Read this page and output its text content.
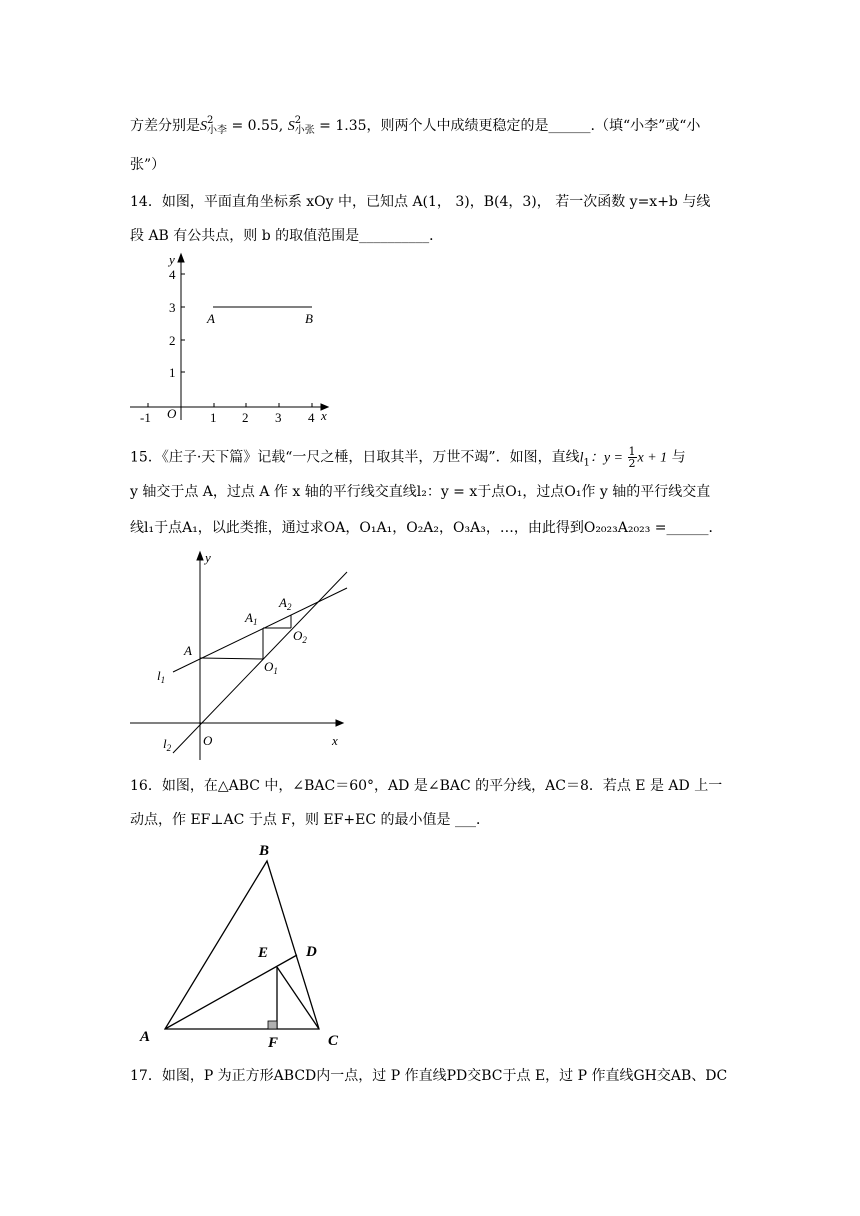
方差分别是S 2
小李 = 0.55, S 2
小张 = 1.35，则两个人中成绩更稳定的是______.（填“小李”或“小
张”）
14．如图，平面直角坐标系 xOy 中，已知点 A(1， 3)，B(4，3)， 若一次函数 y=x+b 与线
段 AB 有公共点，则 b 的取值范围是__________．
y
x
O
-1	1 2 3 4
1
2
3
4
A	B
15．《庄子·天下篇》记载“一尺之棰，日取其半，万世不竭”．如图，直线$l_1$：$y = \frac{1}{2}$ x + 1 与
y 轴交于点 A，过点 A 作 x 轴的平行线交直线l₂：y = x于点O₁，过点O₁作 y 轴的平行线交直
线l₁于点A₁，以此类推，通过求OA，O₁A₁，O₂A₂，O₃A₃，…，由此得到O₂₀₂₃A₂₀₂₃ =______．
y
x
O
A
$A_1$
$A_2$
$O_1$
$O_2$
$l_1$
$l_2$
16．如图，在△ABC 中，∠BAC＝60°，AD 是∠BAC 的平分线，AC＝8．若点 E 是 AD 上一
动点，作 EF⊥AC 于点 F，则 EF+EC 的最小值是 ___．
A
B
C
D
E
F
17．如图，P 为正方形ABCD内一点，过 P 作直线PD交BC于点 E，过 P 作直线GH交AB、DC
